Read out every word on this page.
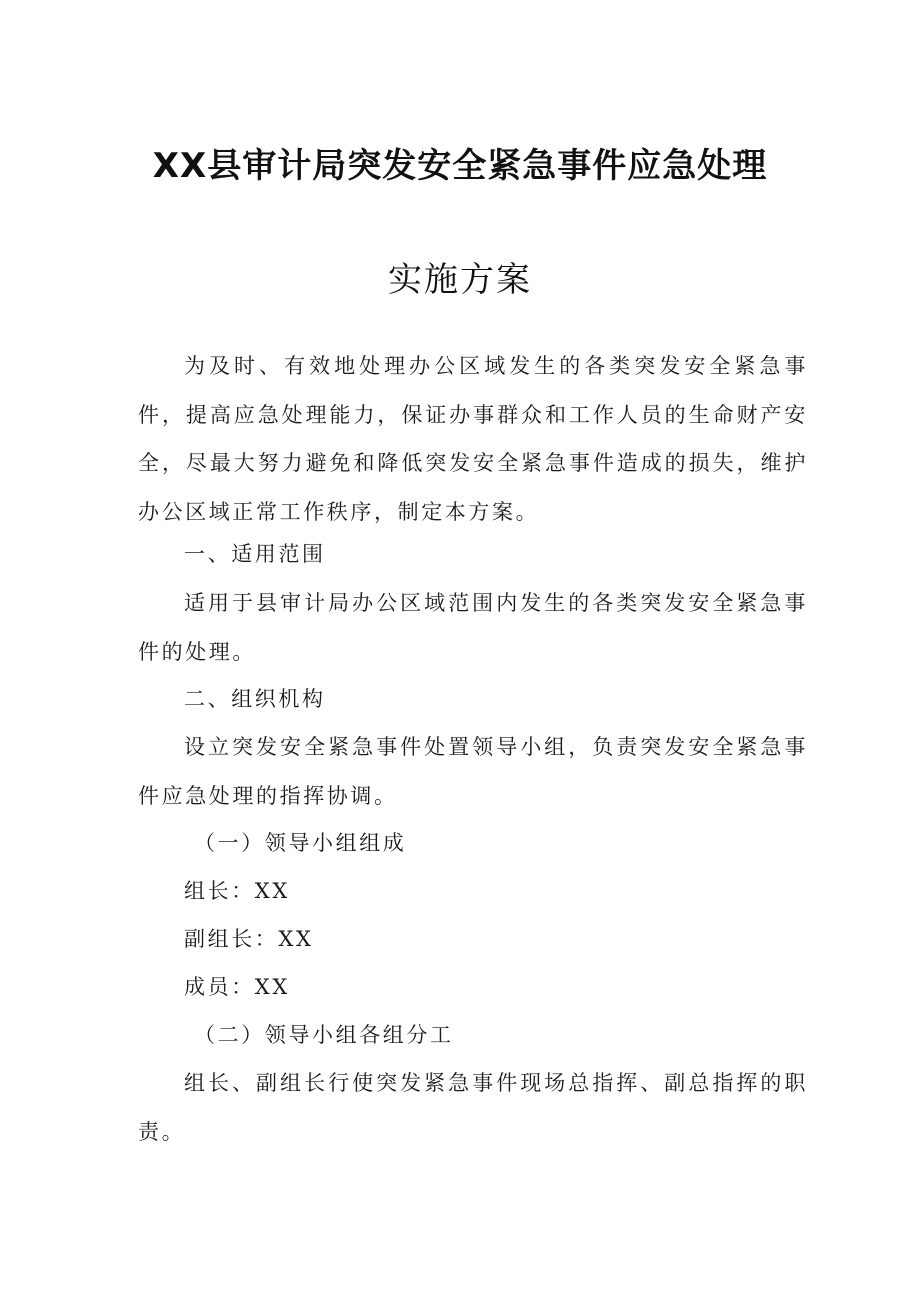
XX县审计局突发安全紧急事件应急处理
实施方案

为及时、有效地处理办公区域发生的各类突发安全紧急事件，提高应急处理能力，保证办事群众和工作人员的生命财产安全，尽最大努力避免和降低突发安全紧急事件造成的损失，维护办公区域正常工作秩序，制定本方案。

一、适用范围

适用于县审计局办公区域范围内发生的各类突发安全紧急事件的处理。

二、组织机构

设立突发安全紧急事件处置领导小组，负责突发安全紧急事件应急处理的指挥协调。

（一）领导小组组成

组长：XX

副组长：XX

成员：XX

（二）领导小组各组分工

组长、副组长行使突发紧急事件现场总指挥、副总指挥的职责。
